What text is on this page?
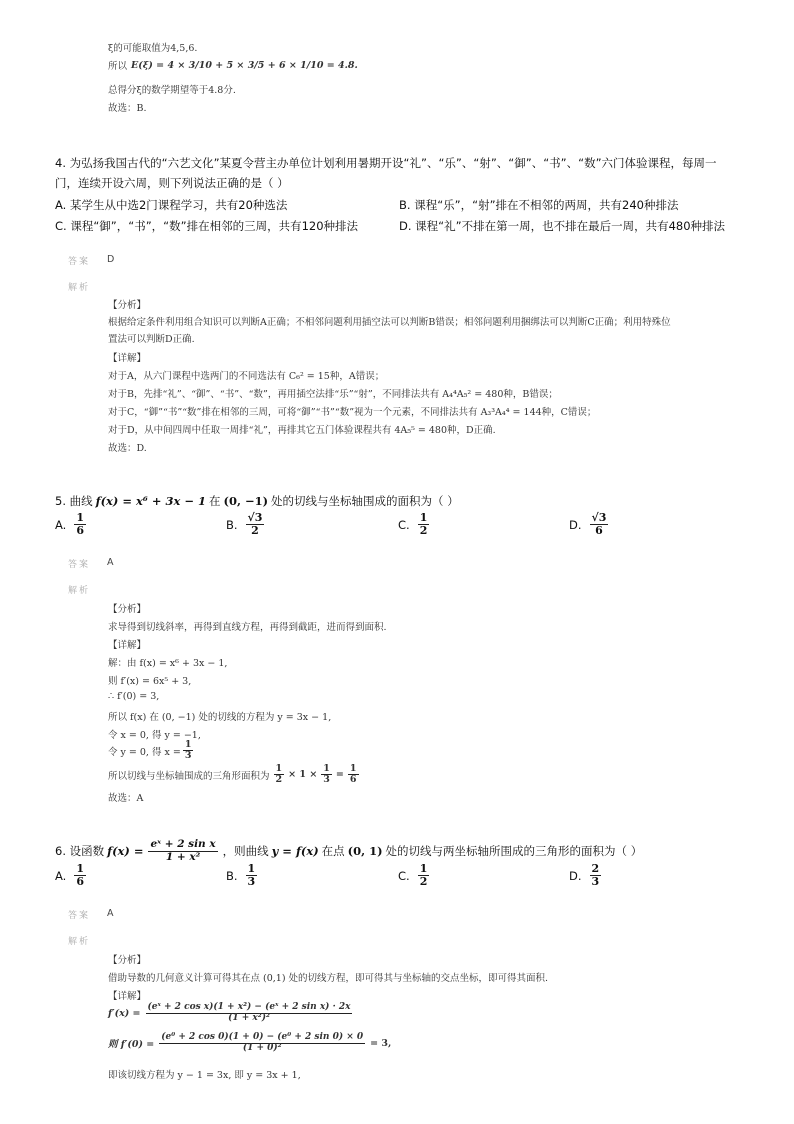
ξ的可能取值为4,5,6.
所以 E(ξ) = 4 × 3/10 + 5 × 3/5 + 6 × 1/10 = 4.8.
总得分ξ的数学期望等于4.8分.
故选：B.
4. 为弘扬我国古代的“六艺文化”某夏令营主办单位计划利用暑期开设“礼”、“乐”、“射”、“御”、“书”、“数”六门体验课程，每周一
门，连续开设六周，则下列说法正确的是（ ）
A. 某学生从中选2门课程学习，共有20种选法	B. 课程“乐”，“射”排在不相邻的两周，共有240种排法
C. 课程“御”，“书”，“数”排在相邻的三周，共有120种排法	D. 课程“礼”不排在第一周，也不排在最后一周，共有480种排法
答案 D
解析
【分析】
根据给定条件利用组合知识可以判断A正确；不相邻问题利用插空法可以判断B错误；相邻问题利用捆绑法可以判断C正确；利用特殊位
置法可以判断D正确.
【详解】
对于A，从六门课程中选两门的不同选法有 C₆² = 15种，A错误；
对于B，先排“礼”、“御”、“书”、“数”，再用插空法排“乐”“射”，不同排法共有 A₄⁴A₅² = 480种，B错误；
对于C，“御”“书”“数”排在相邻的三周，可将“御”“书”“数”视为一个元素，不同排法共有 A₃³A₄⁴ = 144种，C错误；
对于D，从中间四周中任取一周排“礼”，再排其它五门体验课程共有 4A₅⁵ = 480种，D正确.
故选：D.
5. 曲线 f(x) = x⁶ + 3x − 1 在 (0, −1) 处的切线与坐标轴围成的面积为（ ）
A. $\frac{1}{6}$	B. $\frac{√3}{2}$	C. $\frac{1}{2}$	D. $\frac{√3}{6}$
答案 A
解析
【分析】
求导得到切线斜率，再得到直线方程，再得到截距，进而得到面积.
【详解】
解：由 f(x) = x⁶ + 3x − 1,
则 f′(x) = 6x⁵ + 3,
∴ f′(0) = 3,
所以 f(x) 在 (0, −1) 处的切线的方程为 y = 3x − 1,
令 x = 0, 得 y = −1,
令 y = 0, 得 $x = \frac{1}{3}$
所以切线与坐标轴围成的三角形面积为 $\frac{1}{2} \times 1 \times \frac{1}{3} = \frac{1}{6}$
故选：A
6. 设函数 $f(x) = \frac{\text{eˣ + 2 sin x}}{\text{1 + x²}}$ ，则曲线 y = f(x) 在点 (0, 1) 处的切线与两坐标轴所围成的三角形的面积为（ ）
A. $\frac{1}{6}$	B. $\frac{1}{3}$	C. $\frac{1}{2}$	D. $\frac{2}{3}$
答案 A
解析
【分析】
借助导数的几何意义计算可得其在点 (0,1) 处的切线方程，即可得其与坐标轴的交点坐标，即可得其面积.
【详解】
$f'(x) = \frac{\text{(eˣ + 2 cos x)(1 + x²) − (eˣ + 2 sin x) · 2x}}{\text{(1 + x²)²}}$
则 $f'(0) = \frac{\text{(e⁰ + 2 cos 0)(1 + 0) − (e⁰ + 2 sin 0) × 0}}{\text{(1 + 0)²}} = 3$,
即该切线方程为 y − 1 = 3x, 即 y = 3x + 1,
